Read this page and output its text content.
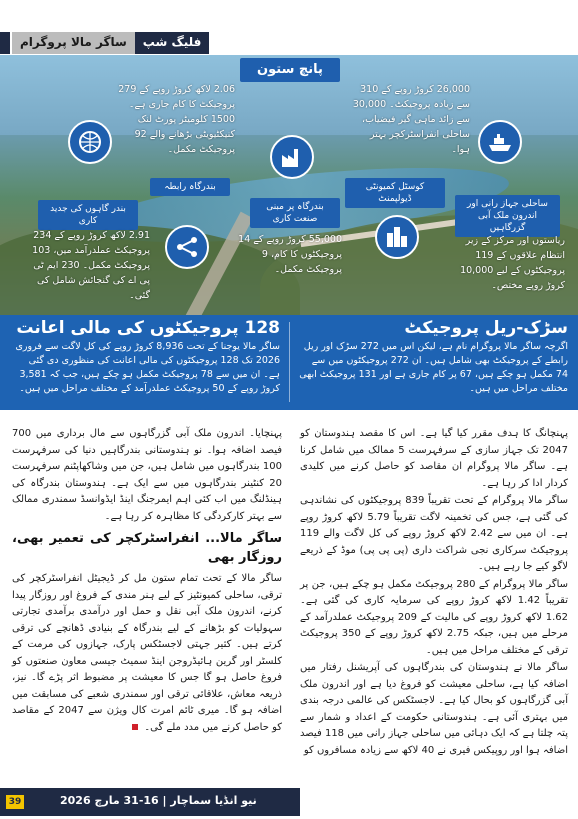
فلیگ شپ
ساگر مالا پروگرام
پانچ ستون
2.06 لاکھ کروڑ روپے کے 279 پروجیکٹ کا کام جاری ہے۔ 1500 کلومیٹر پورٹ لنک کنیکٹیویٹی بڑھانے والے 92 پروجیکٹ مکمل۔
26,000 کروڑ روپے کے 310 سے زیادہ پروجیکٹ۔ 30,000 سے زائد ماہی گیر فیضیاب، ساحلی انفراسٹرکچر بہتر ہوا۔
بندر گاہوں کی جدید کاری
2.91 لاکھ کروڑ روپے کے 234 پروجیکٹ عملدرآمد میں، 103 پروجیکٹ مکمل۔ 230 ایم ٹی پی اے کی گنجائش شامل کی گئی۔
بندرگاہ رابطہ
بندرگاہ پر مبنی صنعت کاری
55,000 کروڑ روپے کے 14 پروجیکٹوں کا کام، 9 پروجیکٹ مکمل۔
کوسٹل کمیونٹی ڈیولپمنٹ	ساحلی جہاز رانی اور اندرون ملک آبی گزرگاہیں
ریاستوں اور مرکز کے زیر انتظام علاقوں کے 119 پروجیکٹوں کے لیے 10,000 کروڑ روپے مختص۔
سڑک-ریل پروجیکٹ
اگرچہ ساگر مالا پروگرام نام ہے، لیکن اس میں 272 سڑک اور ریل رابطے کے پروجیکٹ بھی شامل ہیں۔ ان 272 پروجیکٹوں میں سے 74 مکمل ہو چکے ہیں، 67 پر کام جاری ہے اور 131 پروجیکٹ ابھی مختلف مراحل میں ہیں۔
128 پروجیکٹوں کی مالی اعانت
ساگر مالا یوجنا کے تحت 8,936 کروڑ روپے کی کل لاگت سے فروری 2026 تک 128 پروجیکٹوں کی مالی اعانت کی منظوری دی گئی ہے۔ ان میں سے 78 پروجیکٹ مکمل ہو چکے ہیں، جب کہ 3,581 کروڑ روپے کے 50 پروجیکٹ عملدرآمد کے مختلف مراحل میں ہیں۔

پہنچانگ کا ہدف مقرر کیا گیا ہے۔ اس کا مقصد ہندوستان کو 2047 تک جہاز سازی کے سرفہرست 5 ممالک میں شامل کرنا ہے۔ ساگر مالا پروگرام ان مقاصد کو حاصل کرنے میں کلیدی کردار ادا کر رہا ہے۔

ساگر مالا پروگرام کے تحت تقریباً 839 پروجیکٹوں کی نشاندہی کی گئی ہے، جس کی تخمینہ لاگت تقریباً 5.79 لاکھ کروڑ روپے ہے۔ ان میں سے 2.42 لاکھ کروڑ روپے کی کل لاگت والے 119 پروجیکٹ سرکاری نجی شراکت داری (پی پی پی) موڈ کے ذریعے لاگو کیے جا رہے ہیں۔

ساگر مالا پروگرام کے 280 پروجیکٹ مکمل ہو چکے ہیں، جن پر تقریباً 1.42 لاکھ کروڑ روپے کی سرمایہ کاری کی گئی ہے۔ 1.62 لاکھ کروڑ روپے کی مالیت کے 209 پروجیکٹ عملدرآمد کے مرحلے میں ہیں، جبکہ 2.75 لاکھ کروڑ روپے کے 350 پروجیکٹ ترقی کے مختلف مراحل میں ہیں۔

ساگر مالا نے ہندوستان کی بندرگاہوں کی آپریشنل رفتار میں اضافہ کیا ہے، ساحلی معیشت کو فروغ دیا ہے اور اندرون ملک آبی گزرگاہوں کو بحال کیا ہے۔ لاجسٹکس کی عالمی درجہ بندی میں بہتری آئی ہے۔ ہندوستانی حکومت کے اعداد و شمار سے پتہ چلتا ہے کہ ایک دہائی میں ساحلی جہاز رانی میں 118 فیصد اضافہ ہوا اور روپیکس فیری نے 40 لاکھ سے زیادہ مسافروں کو

پہنچایا۔ اندرون ملک آبی گزرگاہوں سے مال برداری میں 700 فیصد اضافہ ہوا۔ نو ہندوستانی بندرگاہیں دنیا کی سرفہرست 100 بندرگاہوں میں شامل ہیں، جن میں وشاکھاپٹنم سرفہرست 20 کنٹینر بندرگاہوں میں سے ایک ہے۔ ہندوستان بندرگاہ کی ہینڈلنگ میں اب کئی اہم ایمرجنگ اینڈ ایڈوانسڈ سمندری ممالک سے بہتر کارکردگی کا مظاہرہ کر رہا ہے۔

ساگر مالا... انفراسٹرکچر کی تعمیر بھی، روزگار بھی

ساگر مالا کے تحت تمام ستون مل کر ڈیجیٹل انفراسٹرکچر کی ترقی، ساحلی کمیونٹیز کے لیے ہنر مندی کے فروغ اور روزگار پیدا کرنے، اندرون ملک آبی نقل و حمل اور درآمدی برآمدی تجارتی سہولیات کو بڑھانے کے لیے بندرگاہ کے بنیادی ڈھانچے کی ترقی کرتے ہیں۔ کثیر جہتی لاجسٹکس پارک، جہازوں کی مرمت کے کلسٹر اور گرین ہائیڈروجن اینڈ سمیٹ جیسی معاون صنعتوں کو فروغ حاصل ہو گا جس کا معیشت پر مضبوط اثر پڑے گا۔ نیز، ذریعہ معاش، علاقائی ترقی اور سمندری شعبے کی مسابقت میں اضافہ ہو گا۔ میری ٹائم امرت کال ویژن سے 2047 کے مقاصد کو حاصل کرنے میں مدد ملے گی۔

39	نیو انڈیا سماچار | 16-31 مارچ 2026
